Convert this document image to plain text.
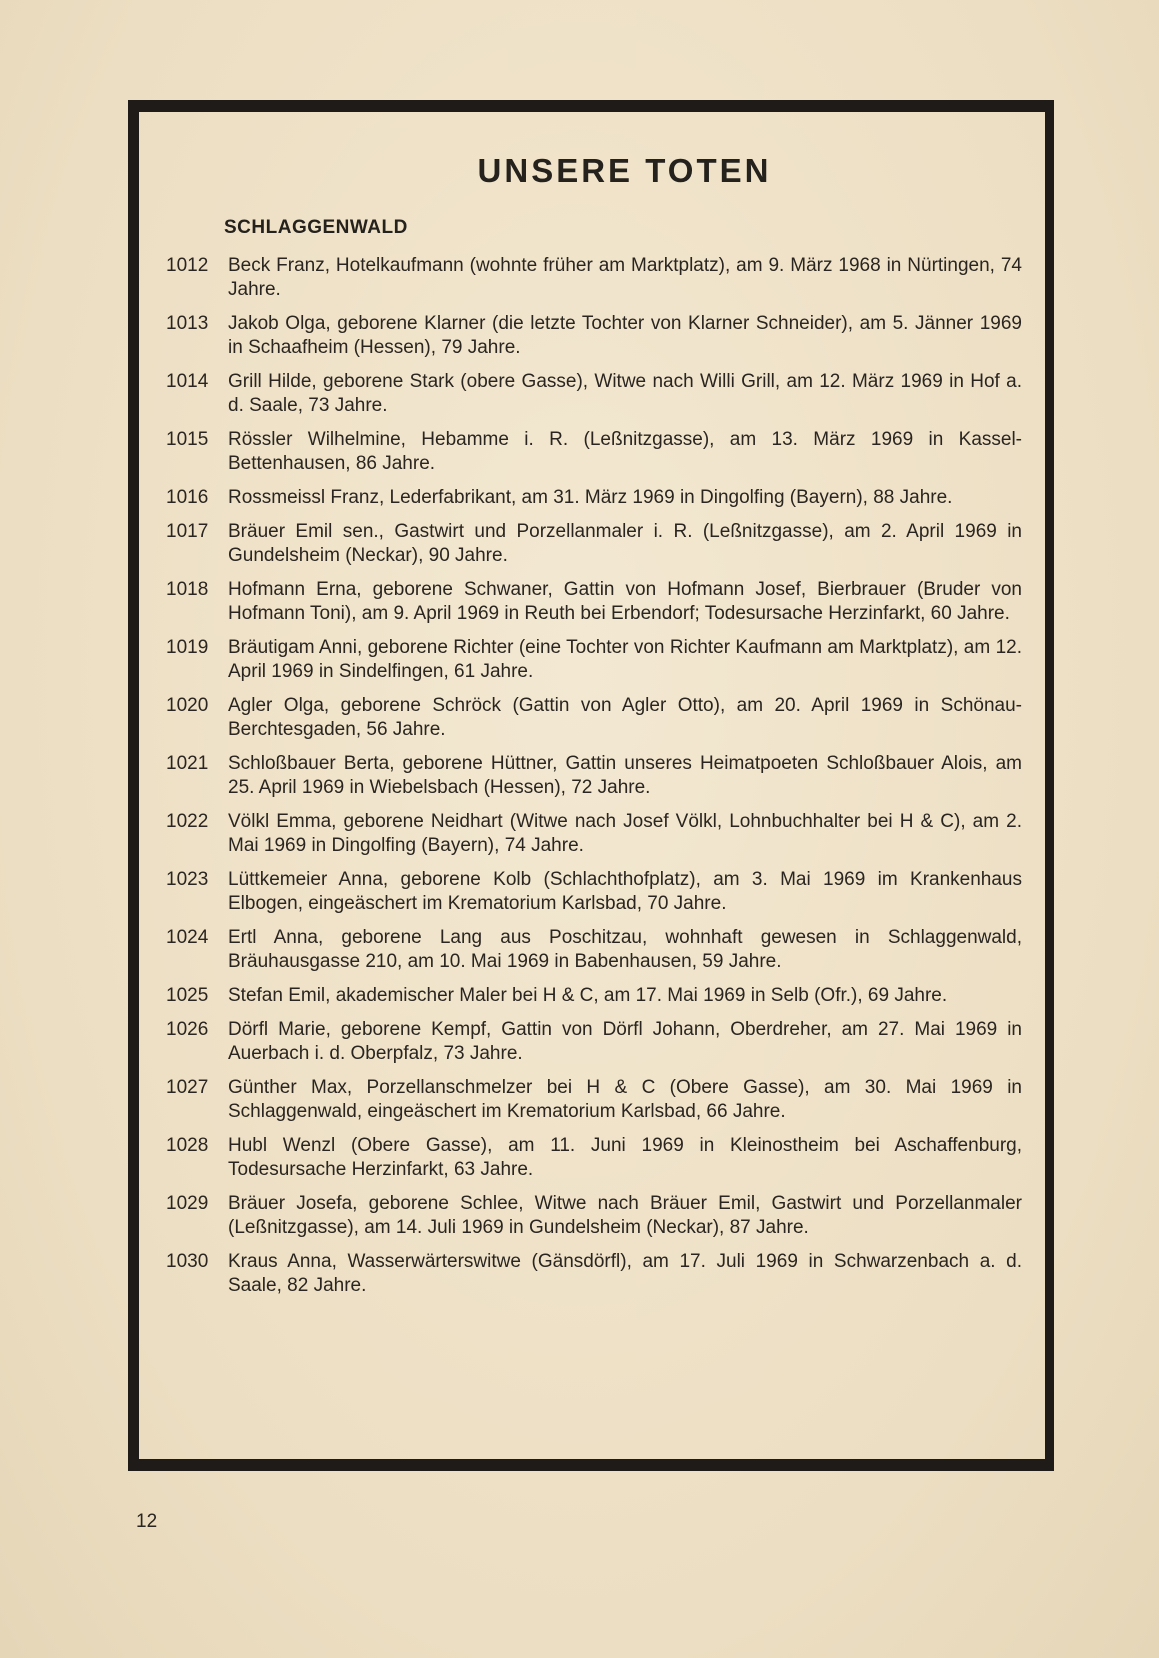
UNSERE TOTEN
SCHLAGGENWALD
1012	Beck Franz, Hotelkaufmann (wohnte früher am Marktplatz), am 9. März 1968 in Nürtingen, 74 Jahre.
1013	Jakob Olga, geborene Klarner (die letzte Tochter von Klarner Schneider), am 5. Jänner 1969 in Schaafheim (Hessen), 79 Jahre.
1014	Grill Hilde, geborene Stark (obere Gasse), Witwe nach Willi Grill, am 12. März 1969 in Hof a. d. Saale, 73 Jahre.
1015	Rössler Wilhelmine, Hebamme i. R. (Leßnitzgasse), am 13. März 1969 in Kassel-Bettenhausen, 86 Jahre.
1016	Rossmeissl Franz, Lederfabrikant, am 31. März 1969 in Dingolfing (Bayern), 88 Jahre.
1017	Bräuer Emil sen., Gastwirt und Porzellanmaler i. R. (Leßnitzgasse), am 2. April 1969 in Gundelsheim (Neckar), 90 Jahre.
1018	Hofmann Erna, geborene Schwaner, Gattin von Hofmann Josef, Bierbrauer (Bruder von Hofmann Toni), am 9. April 1969 in Reuth bei Erbendorf; Todesursache Herzinfarkt, 60 Jahre.
1019	Bräutigam Anni, geborene Richter (eine Tochter von Richter Kaufmann am Marktplatz), am 12. April 1969 in Sindelfingen, 61 Jahre.
1020	Agler Olga, geborene Schröck (Gattin von Agler Otto), am 20. April 1969 in Schönau-Berchtesgaden, 56 Jahre.
1021	Schloßbauer Berta, geborene Hüttner, Gattin unseres Heimatpoeten Schloßbauer Alois, am 25. April 1969 in Wiebelsbach (Hessen), 72 Jahre.
1022	Völkl Emma, geborene Neidhart (Witwe nach Josef Völkl, Lohnbuchhalter bei H & C), am 2. Mai 1969 in Dingolfing (Bayern), 74 Jahre.
1023	Lüttkemeier Anna, geborene Kolb (Schlachthofplatz), am 3. Mai 1969 im Krankenhaus Elbogen, eingeäschert im Krematorium Karlsbad, 70 Jahre.
1024	Ertl Anna, geborene Lang aus Poschitzau, wohnhaft gewesen in Schlaggenwald, Bräuhausgasse 210, am 10. Mai 1969 in Babenhausen, 59 Jahre.
1025	Stefan Emil, akademischer Maler bei H & C, am 17. Mai 1969 in Selb (Ofr.), 69 Jahre.
1026	Dörfl Marie, geborene Kempf, Gattin von Dörfl Johann, Oberdreher, am 27. Mai 1969 in Auerbach i. d. Oberpfalz, 73 Jahre.
1027	Günther Max, Porzellanschmelzer bei H & C (Obere Gasse), am 30. Mai 1969 in Schlaggenwald, eingeäschert im Krematorium Karlsbad, 66 Jahre.
1028	Hubl Wenzl (Obere Gasse), am 11. Juni 1969 in Kleinostheim bei Aschaffenburg, Todesursache Herzinfarkt, 63 Jahre.
1029	Bräuer Josefa, geborene Schlee, Witwe nach Bräuer Emil, Gastwirt und Porzellanmaler (Leßnitzgasse), am 14. Juli 1969 in Gundelsheim (Neckar), 87 Jahre.
1030	Kraus Anna, Wasserwärterswitwe (Gänsdörfl), am 17. Juli 1969 in Schwarzenbach a. d. Saale, 82 Jahre.
12
